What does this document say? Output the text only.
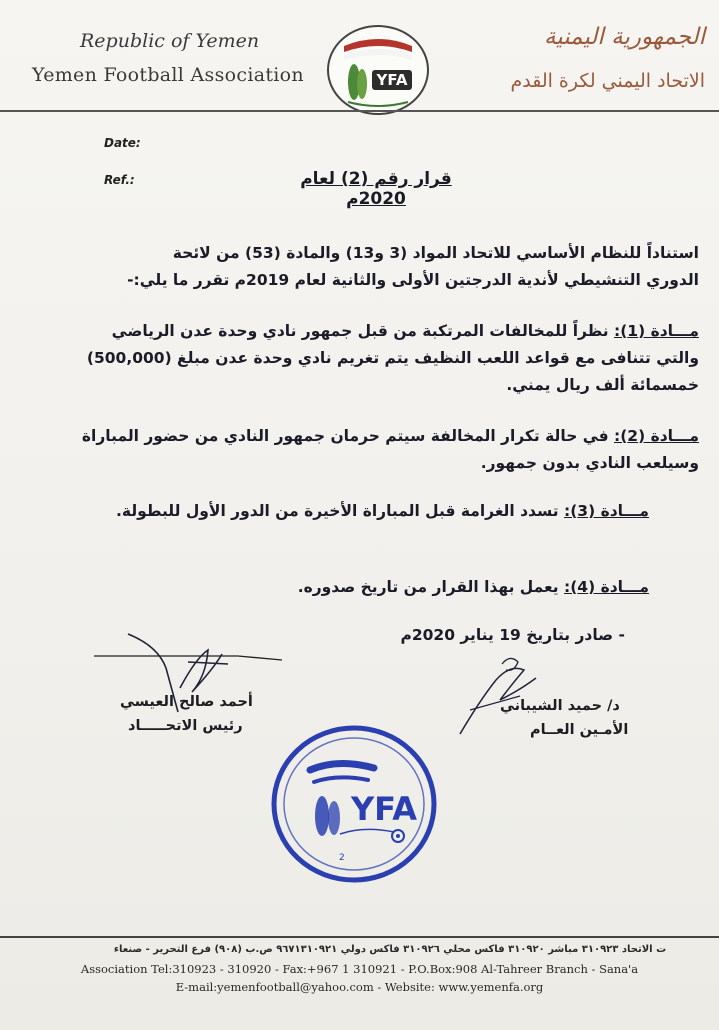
Republic of Yemen
Yemen Football Association
الجمهورية اليمنية
الاتحاد اليمني لكرة القدم
YFA
Date:
Ref.:	قرار رقم (2) لعام 2020م
استناداً للنظام الأساسي للاتحاد المواد (3 و13) والمادة (53) من لائحة
الدوري التنشيطي لأندية الدرجتين الأولى والثانية لعام 2019م تقرر ما يلي:-
مـــادة (1): نظراً للمخالفات المرتكبة من قبل جمهور نادي وحدة عدن الرياضي
والتي تتنافى مع قواعد اللعب النظيف يتم تغريم نادي وحدة عدن مبلغ (500,000)
خمسمائة ألف ريال يمني.
مـــادة (2): في حالة تكرار المخالفة سيتم حرمان جمهور النادي من حضور المباراة
وسيلعب النادي بدون جمهور.
مـــادة (3): تسدد الغرامة قبل المباراة الأخيرة من الدور الأول للبطولة.
مـــادة (4): يعمل بهذا القرار من تاريخ صدوره.
- صادر بتاريخ 19 يناير 2020م
أحمد صالح العيسي
رئيس الاتحـــــاد
د/ حميد الشيباني
الأمـين العــام
YFA
2
ت الاتحاد ٣١٠٩٢٣ مباشر ٣١٠٩٢٠ فاكس محلي ٣١٠٩٢٦ فاكس دولي ٩٦٧١٣١٠٩٢١ ص.ب (٩٠٨) فرع التحرير - صنعاء
Association Tel:310923 - 310920 - Fax:+967 1 310921 - P.O.Box:908 Al-Tahreer Branch - Sana'a
E-mail:yemenfootball@yahoo.com - Website: www.yemenfa.org
